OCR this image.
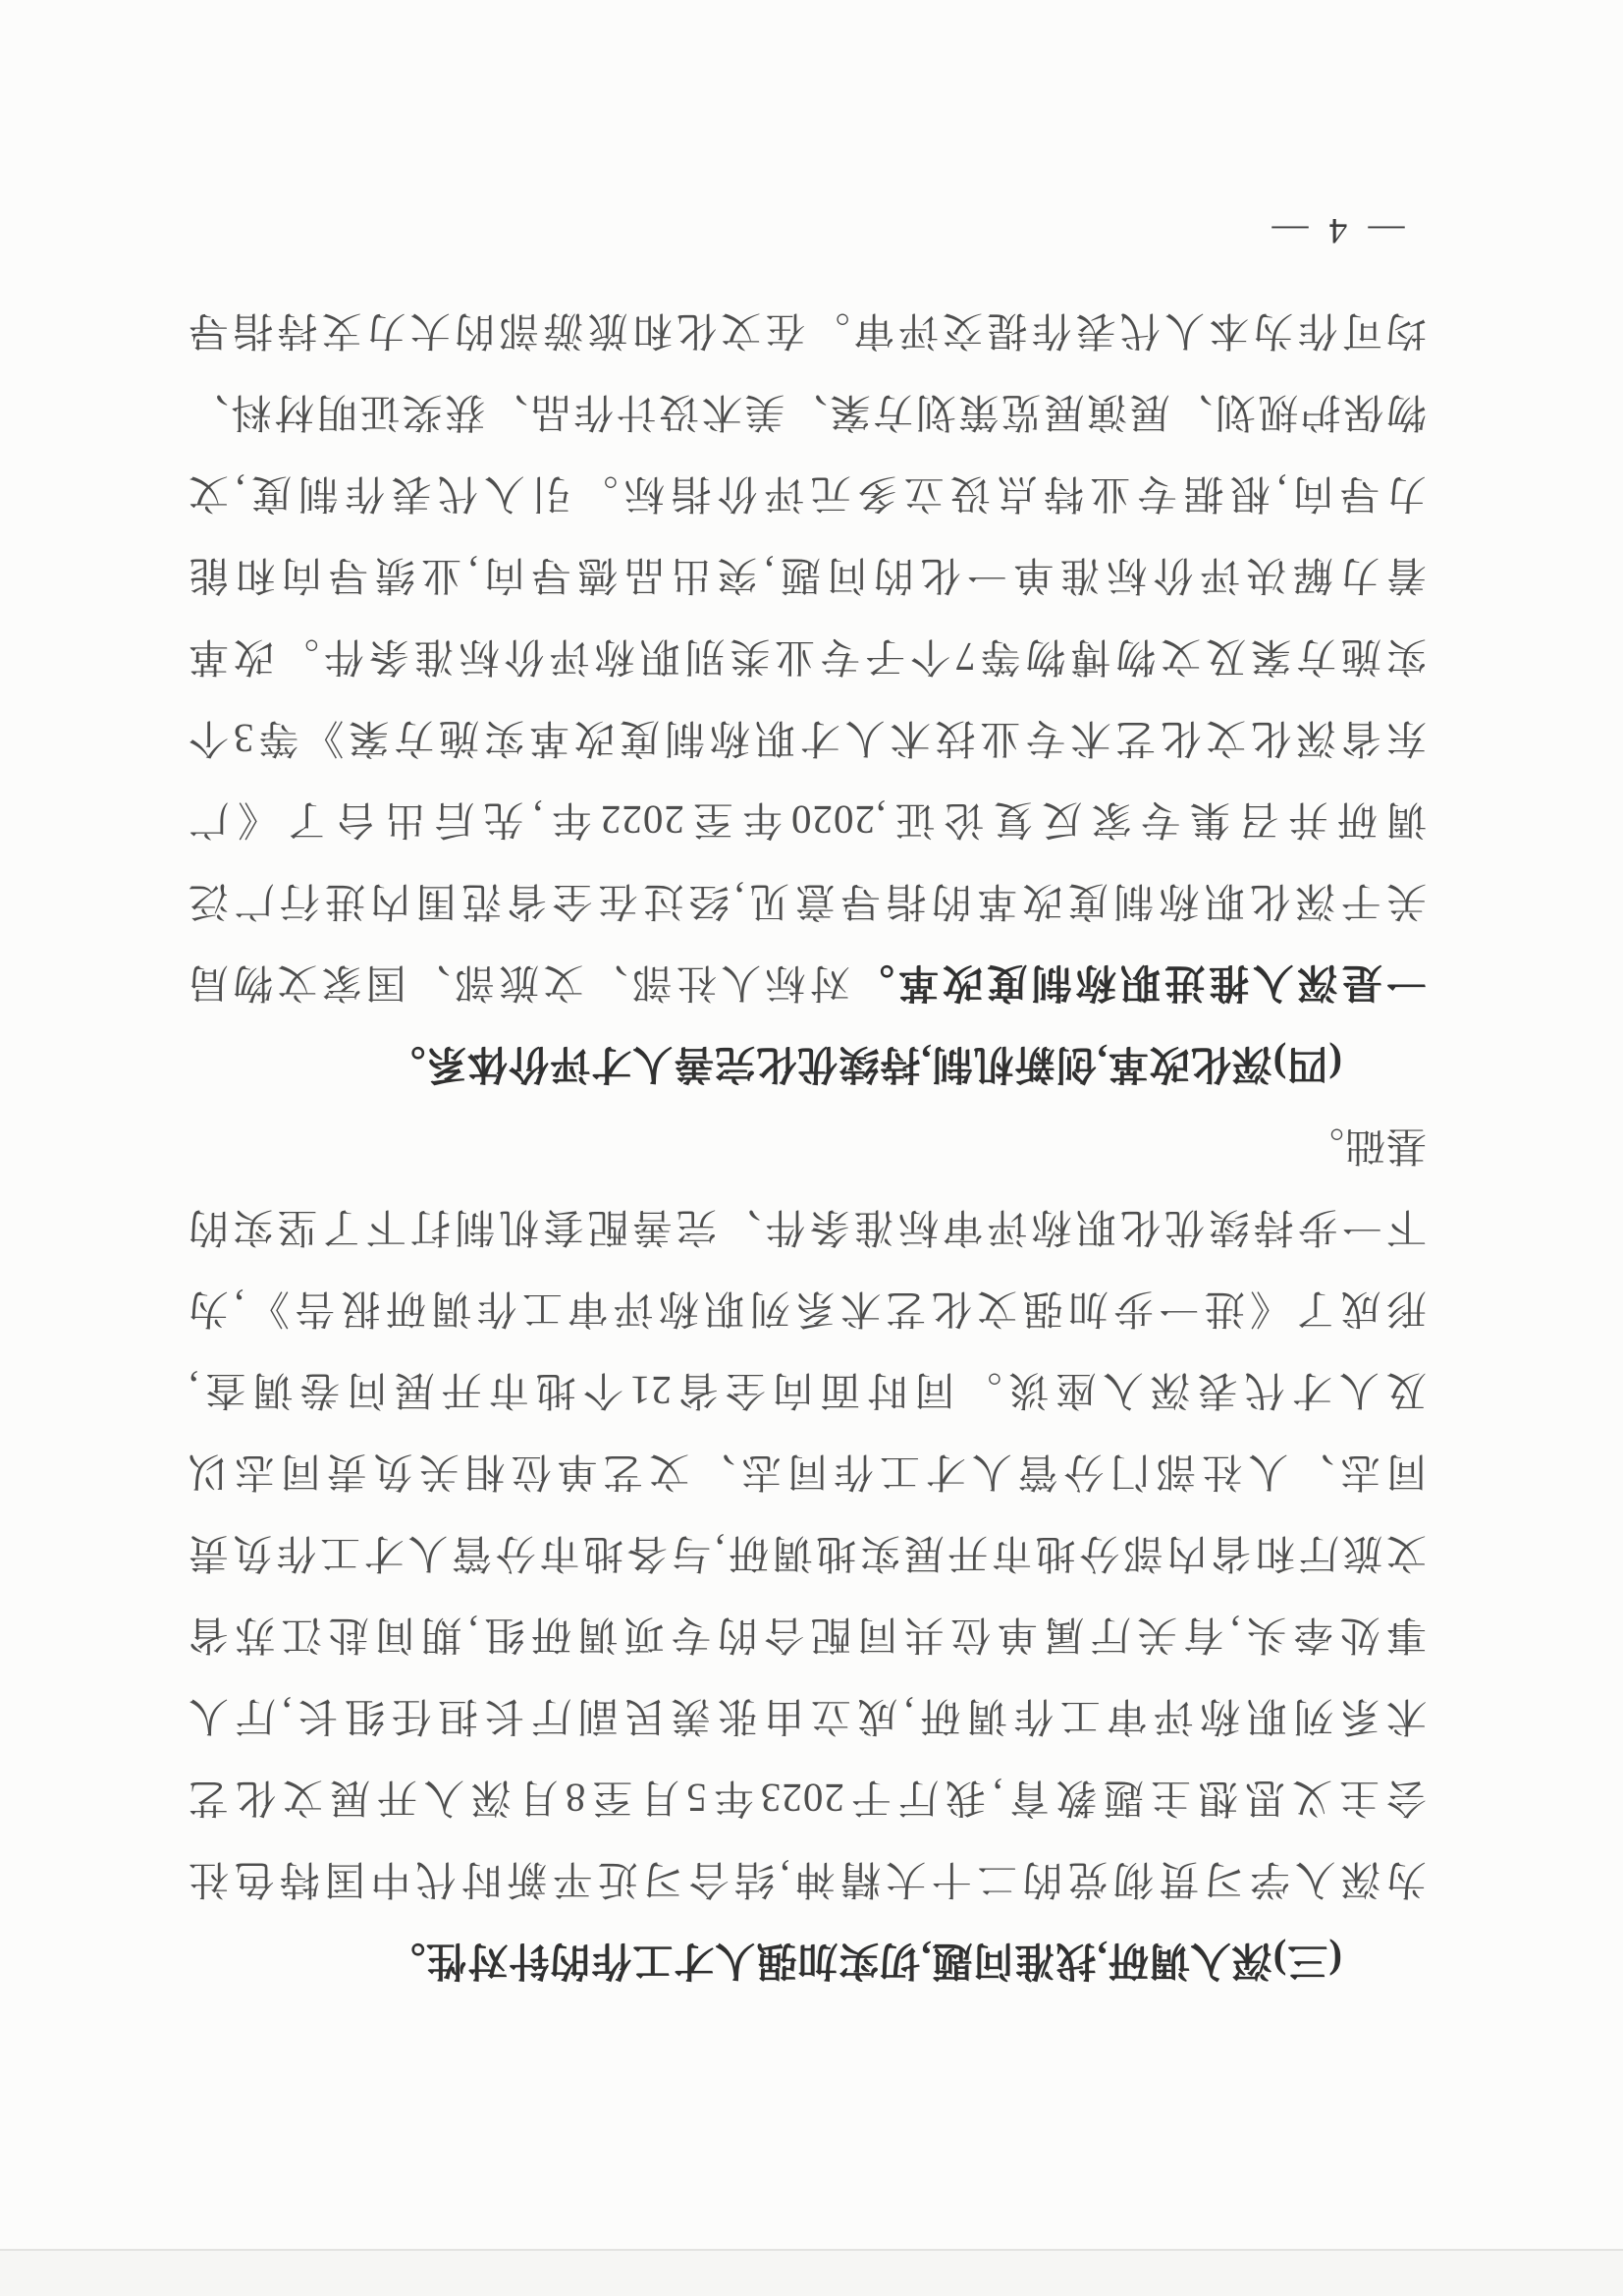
(三)深入调研,找准问题,切实加强人才工作的针对性。
为深入学习贯彻党的二十大精神,结合习近平新时代中国特色社
会主义思想主题教育,我厅于2023年5月至8月深入开展文化艺
术系列职称评审工作调研,成立由张羡民副厅长担任组长,厅人
事处牵头,有关厅属单位共同配合的专项调研组,期间赴江苏省
文旅厅和省内部分地市开展实地调研,与各地市分管人才工作负责
同志、人社部门分管人才工作同志、文艺单位相关负责同志以
及人才代表深入座谈。同时面向全省21个地市开展问卷调查,
形成了《进一步加强文化艺术系列职称评审工作调研报告》,为
下一步持续优化职称评审标准条件、完善配套机制打下了坚实的
基础。
(四)深化改革,创新机制,持续优化完善人才评价体系。
一是深入推进职称制度改革。对标人社部、文旅部、国家文物局
关于深化职称制度改革的指导意见,经过在全省范围内进行广泛
调研并召集专家反复论证,2020年至2022年,先后出台了《广
东省深化文化艺术专业技术人才职称制度改革实施方案》等3个
实施方案及文物博物等7个子专业类别职称评价标准条件。改革
着力解决评价标准单一化的问题,突出品德导向,业绩导向和能
力导向,根据专业特点设立多元评价指标。引入代表作制度,文
物保护规划、展演展览策划方案、美术设计作品、获奖证明材料、
均可作为本人代表作提交评审。在文化和旅游部的大力支持指导
— 4 —
